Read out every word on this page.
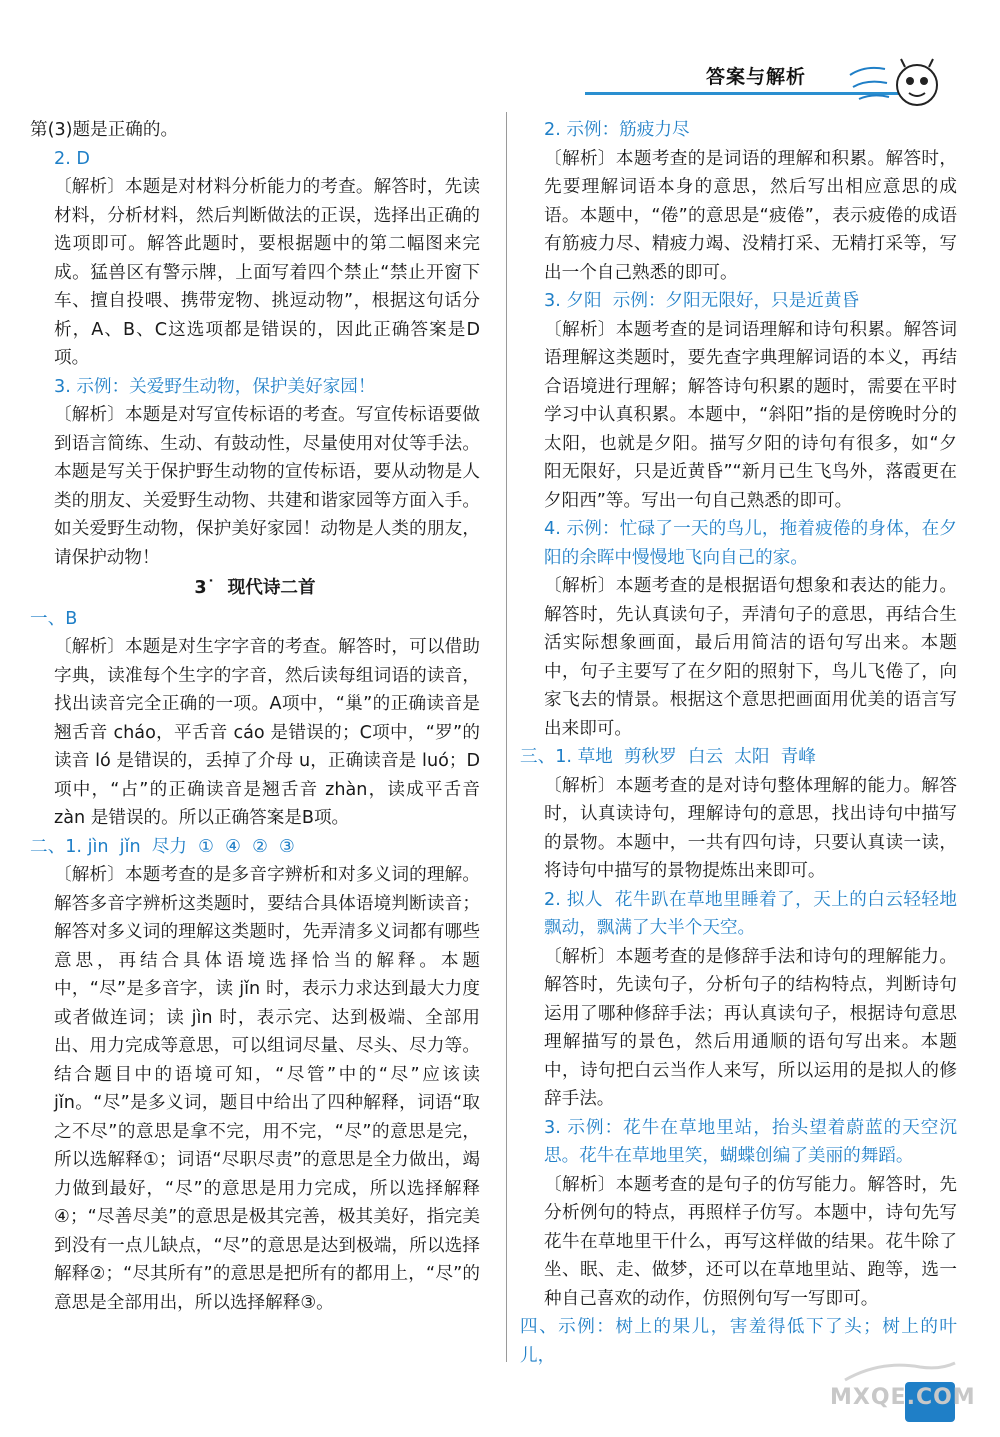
答案与解析

第(3)题是正确的。

2. D

〔解析〕本题是对材料分析能力的考查。解答时，先读材料，分析材料，然后判断做法的正误，选择出正确的选项即可。解答此题时，要根据题中的第二幅图来完成。猛兽区有警示牌，上面写着四个禁止“禁止开窗下车、擅自投喂、携带宠物、挑逗动物”，根据这句话分析，A、B、C这选项都是错误的，因此正确答案是D项。

3. 示例：关爱野生动物，保护美好家园！

〔解析〕本题是对写宣传标语的考查。写宣传标语要做到语言简练、生动、有鼓动性，尽量使用对仗等手法。本题是写关于保护野生动物的宣传标语，要从动物是人类的朋友、关爱野生动物、共建和谐家园等方面入手。如关爱野生动物，保护美好家园！动物是人类的朋友，请保护动物！

3˙  现代诗二首

一、B

〔解析〕本题是对生字字音的考查。解答时，可以借助字典，读准每个生字的字音，然后读每组词语的读音，找出读音完全正确的一项。A项中，“巢”的正确读音是翘舌音 cháo，平舌音 cáo 是错误的；C项中，“罗”的读音 ló 是错误的，丢掉了介母 u，正确读音是 luó；D项中，“占”的正确读音是翘舌音 zhàn，读成平舌音 zàn 是错误的。所以正确答案是B项。

二、1. jìn  jǐn  尽力  ①  ④  ②  ③

〔解析〕本题考查的是多音字辨析和对多义词的理解。解答多音字辨析这类题时，要结合具体语境判断读音；解答对多义词的理解这类题时，先弄清多义词都有哪些意思，再结合具体语境选择恰当的解释。本题中，“尽”是多音字，读 jǐn 时，表示力求达到最大力度或者做连词；读 jìn 时，表示完、达到极端、全部用出、用力完成等意思，可以组词尽量、尽头、尽力等。结合题目中的语境可知，“尽管”中的“尽”应该读 jǐn。“尽”是多义词，题目中给出了四种解释，词语“取之不尽”的意思是拿不完，用不完，“尽”的意思是完，所以选解释①；词语“尽职尽责”的意思是全力做出，竭力做到最好，“尽”的意思是用力完成，所以选择解释④；“尽善尽美”的意思是极其完善，极其美好，指完美到没有一点儿缺点，“尽”的意思是达到极端，所以选择解释②；“尽其所有”的意思是把所有的都用上，“尽”的意思是全部用出，所以选择解释③。

2. 示例：筋疲力尽

〔解析〕本题考查的是词语的理解和积累。解答时，先要理解词语本身的意思，然后写出相应意思的成语。本题中，“倦”的意思是“疲倦”，表示疲倦的成语有筋疲力尽、精疲力竭、没精打采、无精打采等，写出一个自己熟悉的即可。

3. 夕阳  示例：夕阳无限好，只是近黄昏

〔解析〕本题考查的是词语理解和诗句积累。解答词语理解这类题时，要先查字典理解词语的本义，再结合语境进行理解；解答诗句积累的题时，需要在平时学习中认真积累。本题中，“斜阳”指的是傍晚时分的太阳，也就是夕阳。描写夕阳的诗句有很多，如“夕阳无限好，只是近黄昏”“新月已生飞鸟外，落霞更在夕阳西”等。写出一句自己熟悉的即可。

4. 示例：忙碌了一天的鸟儿，拖着疲倦的身体，在夕阳的余晖中慢慢地飞向自己的家。

〔解析〕本题考查的是根据语句想象和表达的能力。解答时，先认真读句子，弄清句子的意思，再结合生活实际想象画面，最后用简洁的语句写出来。本题中，句子主要写了在夕阳的照射下，鸟儿飞倦了，向家飞去的情景。根据这个意思把画面用优美的语言写出来即可。

三、1. 草地  剪秋罗  白云  太阳  青峰

〔解析〕本题考查的是对诗句整体理解的能力。解答时，认真读诗句，理解诗句的意思，找出诗句中描写的景物。本题中，一共有四句诗，只要认真读一读，将诗句中描写的景物提炼出来即可。

2. 拟人  花牛趴在草地里睡着了，天上的白云轻轻地飘动，飘满了大半个天空。

〔解析〕本题考查的是修辞手法和诗句的理解能力。解答时，先读句子，分析句子的结构特点，判断诗句运用了哪种修辞手法；再认真读句子，根据诗句意思理解描写的景色，然后用通顺的语句写出来。本题中，诗句把白云当作人来写，所以运用的是拟人的修辞手法。

3. 示例：花牛在草地里站，抬头望着蔚蓝的天空沉思。花牛在草地里笑，蝴蝶创编了美丽的舞蹈。

〔解析〕本题考查的是句子的仿写能力。解答时，先分析例句的特点，再照样子仿写。本题中，诗句先写花牛在草地里干什么，再写这样做的结果。花牛除了坐、眠、走、做梦，还可以在草地里站、跑等，选一种自己喜欢的动作，仿照例句写一写即可。

四、示例：树上的果儿，害羞得低下了头；树上的叶儿，

MXQE.COM
